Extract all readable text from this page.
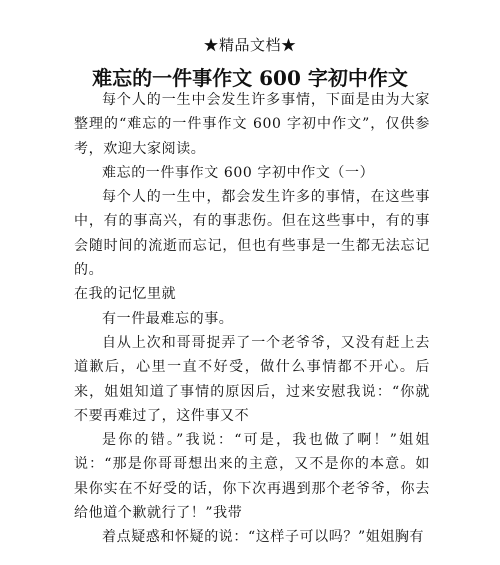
★精品文档★
难忘的一件事作文 600 字初中作文

每个人的一生中会发生许多事情，下面是由为大家整理的“难忘的一件事作文 600 字初中作文”，仅供参考，欢迎大家阅读。

难忘的一件事作文 600 字初中作文（一）

每个人的一生中，都会发生许多的事情，在这些事中，有的事高兴，有的事悲伤。但在这些事中，有的事会随时间的流逝而忘记，但也有些事是一生都无法忘记的。

在我的记忆里就

有一件最难忘的事。

自从上次和哥哥捉弄了一个老爷爷，又没有赶上去道歉后，心里一直不好受，做什么事情都不开心。后来，姐姐知道了事情的原因后，过来安慰我说：“你就不要再难过了，这件事又不

是你的错。”我说：“可是，我也做了啊！”姐姐说：“那是你哥哥想出来的主意，又不是你的本意。如果你实在不好受的话，你下次再遇到那个老爷爷，你去给他道个歉就行了！”我带

着点疑惑和怀疑的说：“这样子可以吗？”姐姐胸有
